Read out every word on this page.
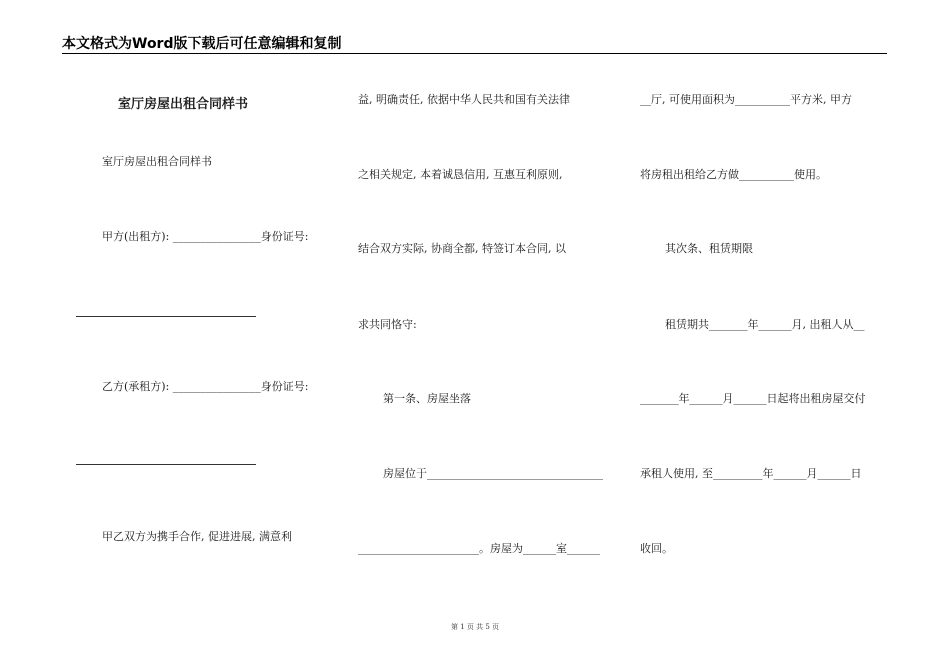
本文格式为Word版下载后可任意编辑和复制
室厅房屋出租合同样书
室厅房屋出租合同样书
甲方(出租方): ________________身份证号:
乙方(承租方): ________________身份证号:
甲乙双方为携手合作, 促进进展, 满意利
益, 明确责任, 依据中华人民共和国有关法律
之相关规定, 本着诚恳信用, 互惠互利原则,
结合双方实际, 协商全都, 特签订本合同, 以
求共同恪守:
第一条、房屋坐落
房屋位于________________________________
______________________。房屋为______室______
__厅, 可使用面积为__________平方米, 甲方
将房租出租给乙方做__________使用。
其次条、租赁期限
租赁期共_______年______月, 出租人从__
_______年______月______日起将出租房屋交付
承租人使用, 至_________年______月______日
收回。
第 1 页 共 5 页
